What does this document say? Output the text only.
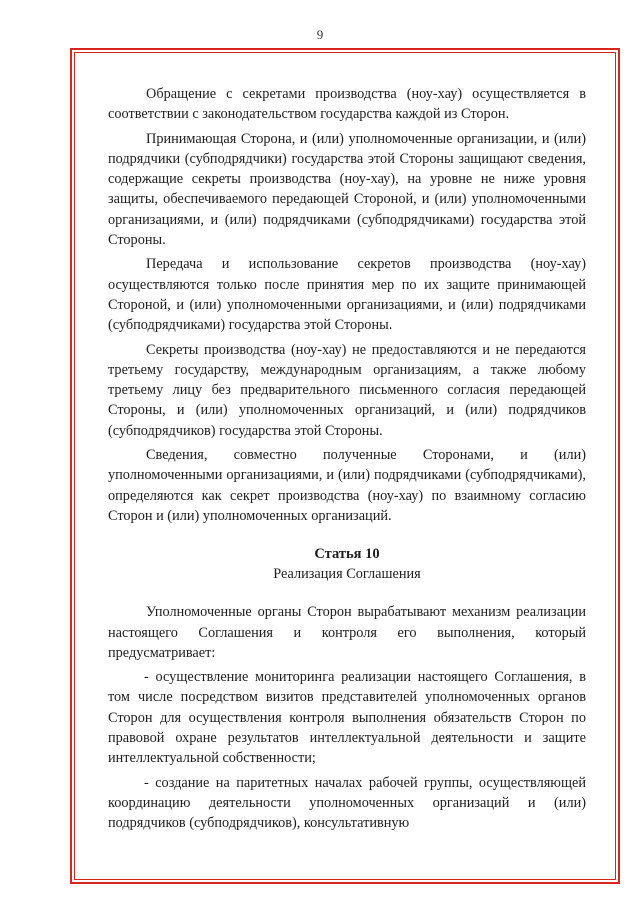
9

Обращение с секретами производства (ноу-хау) осуществляется в соответствии с законодательством государства каждой из Сторон.

Принимающая Сторона, и (или) уполномоченные организации, и (или) подрядчики (субподрядчики) государства этой Стороны защищают сведения, содержащие секреты производства (ноу-хау), на уровне не ниже уровня защиты, обеспечиваемого передающей Стороной, и (или) уполномоченными организациями, и (или) подрядчиками (субподрядчиками) государства этой Стороны.

Передача и использование секретов производства (ноу-хау) осуществляются только после принятия мер по их защите принимающей Стороной, и (или) уполномоченными организациями, и (или) подрядчиками (субподрядчиками) государства этой Стороны.

Секреты производства (ноу-хау) не предоставляются и не передаются третьему государству, международным организациям, а также любому третьему лицу без предварительного письменного согласия передающей Стороны, и (или) уполномоченных организаций, и (или) подрядчиков (субподрядчиков) государства этой Стороны.

Сведения, совместно полученные Сторонами, и (или) уполномоченными организациями, и (или) подрядчиками (субподрядчиками), определяются как секрет производства (ноу-хау) по взаимному согласию Сторон и (или) уполномоченных организаций.

Статья 10
Реализация Соглашения

Уполномоченные органы Сторон вырабатывают механизм реализации настоящего Соглашения и контроля его выполнения, который предусматривает:

- осуществление мониторинга реализации настоящего Соглашения, в том числе посредством визитов представителей уполномоченных органов Сторон для осуществления контроля выполнения обязательств Сторон по правовой охране результатов интеллектуальной деятельности и защите интеллектуальной собственности;

- создание на паритетных началах рабочей группы, осуществляющей координацию деятельности уполномоченных организаций и (или) подрядчиков (субподрядчиков), консультативную
